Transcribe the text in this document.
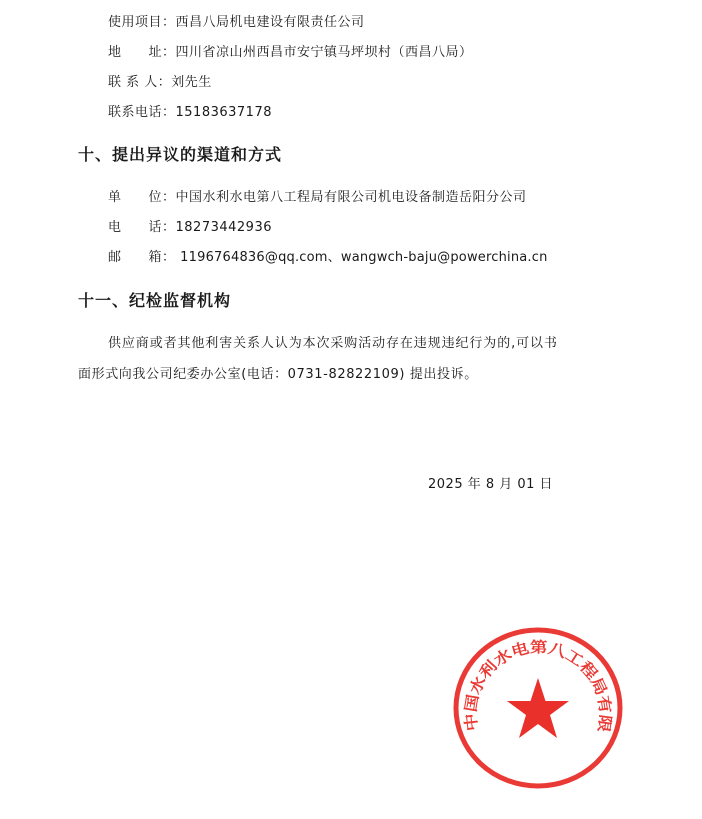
使用项目：西昌八局机电建设有限责任公司
地　　址：四川省凉山州西昌市安宁镇马坪坝村（西昌八局）
联 系 人：刘先生
联系电话：15183637178
十、提出异议的渠道和方式
单　　位：中国水利水电第八工程局有限公司机电设备制造岳阳分公司
电　　话：18273442936
邮　　箱： 1196764836@qq.com、wangwch-baju@powerchina.cn
十一、纪检监督机构
供应商或者其他利害关系人认为本次采购活动存在违规违纪行为的,可以书
面形式向我公司纪委办公室(电话：0731-82822109) 提出投诉。
2025 年 8 月 01 日
中国水利水电第八工程局有限
